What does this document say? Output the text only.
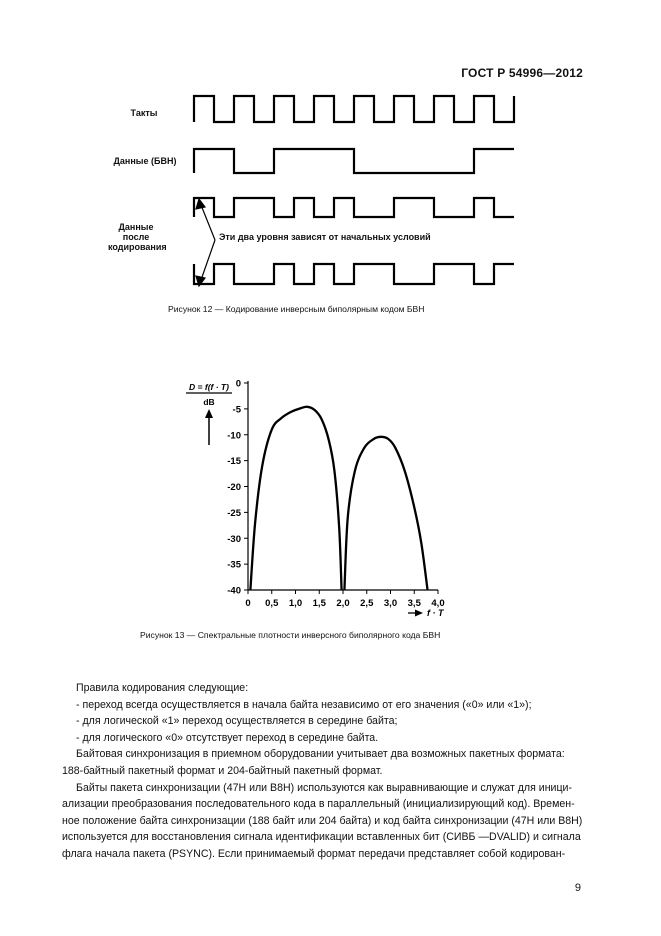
ГОСТ Р 54996—2012
Такты
Данные (БВН)
Данные
после
кодирования
Эти два уровня зависят от начальных условий
Рисунок 12 — Кодирование инверсным биполярным кодом БВН
0
-5
-10
-15
-20
-25
-30
-35
-40
0 0,5 1,0 1,5 2,0 2,5 3,0 3,5 4,0
D = f(f · T)
dB
f · T
Рисунок 13 — Спектральные плотности инверсного биполярного кода БВН

Правила кодирования следующие:

- переход всегда осуществляется в начала байта независимо от его значения («0» или «1»);

- для логической «1» переход осуществляется в середине байта;

- для логического «0» отсутствует переход в середине байта.

Байтовая синхронизация в приемном оборудовании учитывает два возможных пакетных формата:

188-байтный пакетный формат и 204-байтный пакетный формат.

Байты пакета синхронизации (47H или B8H) используются как выравнивающие и служат для иници-

ализации преобразования последовательного кода в параллельный (инициализирующий код). Времен-

ное положение байта синхронизации (188 байт или 204 байта) и код байта синхронизации (47H или B8H)

используется для восстановления сигнала идентификации вставленных бит (СИВБ —DVALID) и сигнала

флага начала пакета (PSYNC). Если принимаемый формат передачи представляет собой кодирован-

9
